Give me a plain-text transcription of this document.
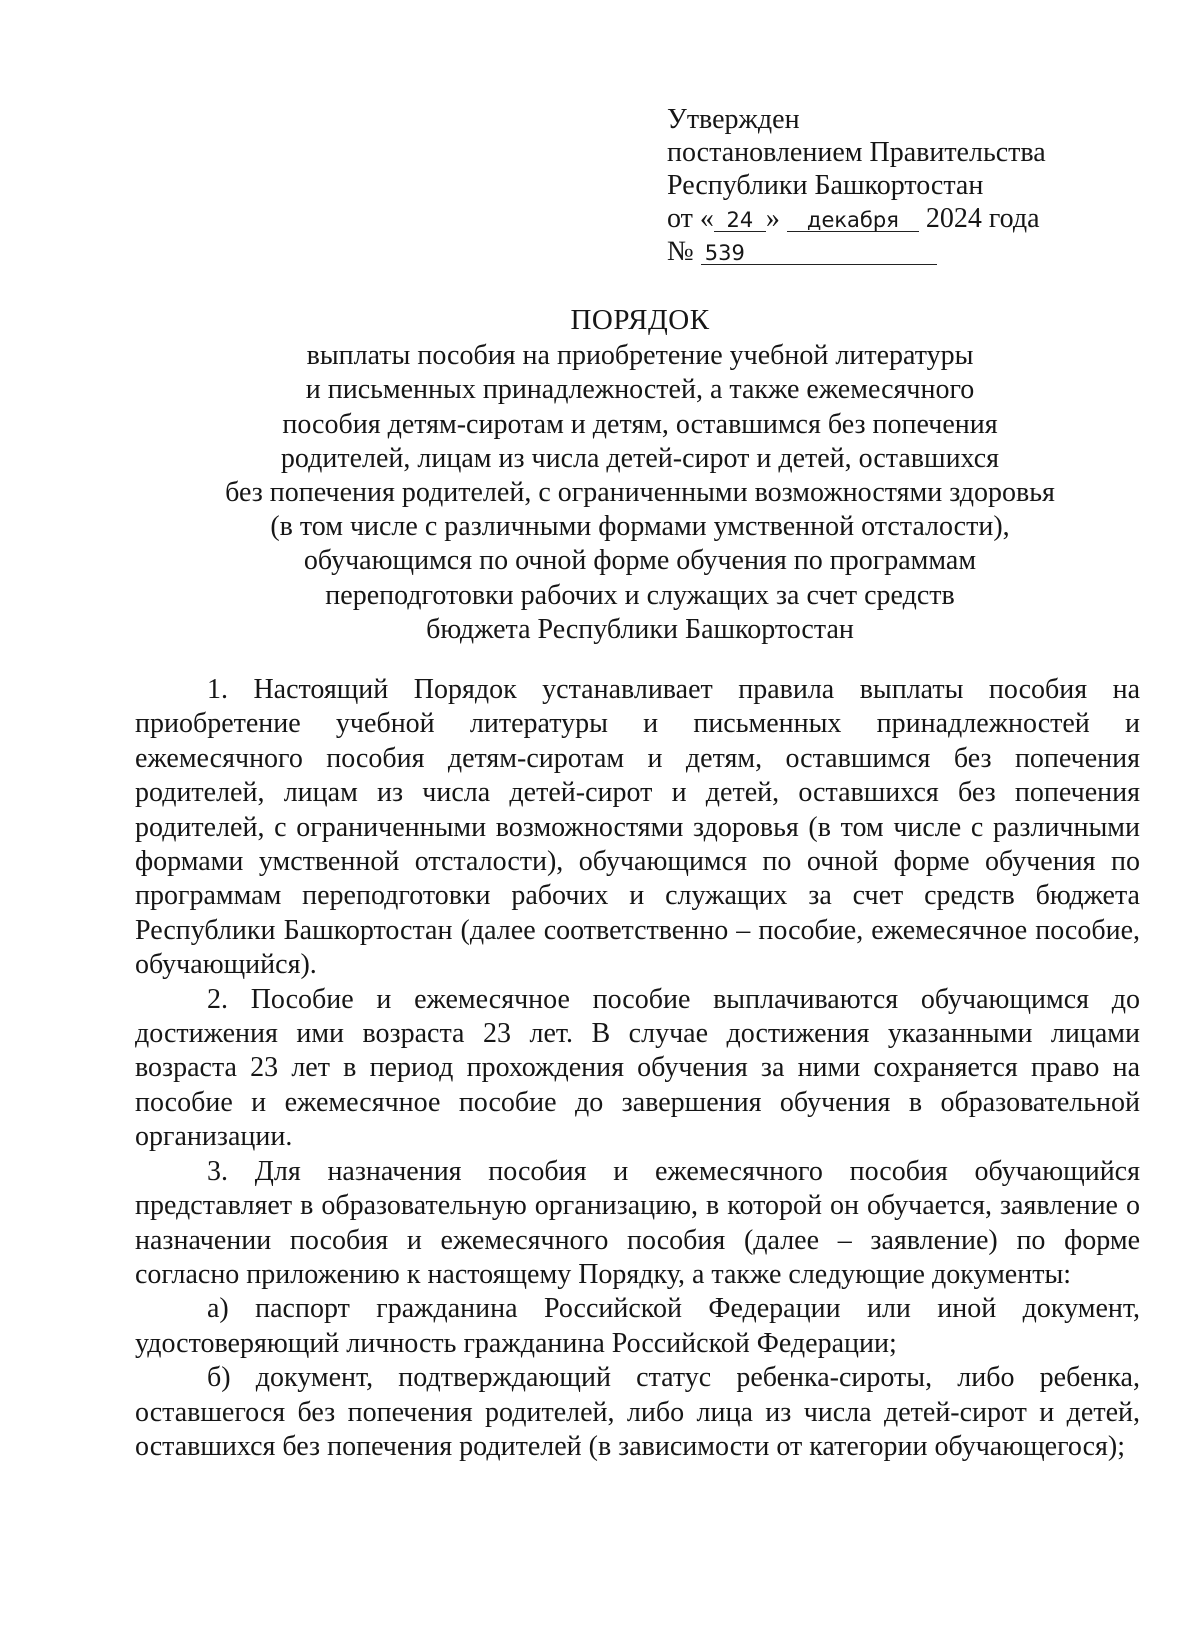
Утвержден
постановлением Правительства
Республики Башкортостан
от « 24 » декабря 2024 года
№ 539
ПОРЯДОК
выплаты пособия на приобретение учебной литературы
и письменных принадлежностей, а также ежемесячного
пособия детям-сиротам и детям, оставшимся без попечения
родителей, лицам из числа детей-сирот и детей, оставшихся
без попечения родителей, с ограниченными возможностями здоровья
(в том числе с различными формами умственной отсталости),
обучающимся по очной форме обучения по программам
переподготовки рабочих и служащих за счет средств
бюджета Республики Башкортостан

1. Настоящий Порядок устанавливает правила выплаты пособия на приобретение учебной литературы и письменных принадлежностей и ежемесячного пособия детям-сиротам и детям, оставшимся без попечения родителей, лицам из числа детей-сирот и детей, оставшихся без попечения родителей, с ограниченными возможностями здоровья (в том числе с различными формами умственной отсталости), обучающимся по очной форме обучения по программам переподготовки рабочих и служащих за счет средств бюджета Республики Башкортостан (далее соответственно – пособие, ежемесячное пособие, обучающийся).

2. Пособие и ежемесячное пособие выплачиваются обучающимся до достижения ими возраста 23 лет. В случае достижения указанными лицами возраста 23 лет в период прохождения обучения за ними сохраняется право на пособие и ежемесячное пособие до завершения обучения в образовательной организации.

3. Для назначения пособия и ежемесячного пособия обучающийся представляет в образовательную организацию, в которой он обучается, заявление о назначении пособия и ежемесячного пособия (далее – заявление) по форме согласно приложению к настоящему Порядку, а также следующие документы:

а) паспорт гражданина Российской Федерации или иной документ, удостоверяющий личность гражданина Российской Федерации;

б) документ, подтверждающий статус ребенка-сироты, либо ребенка, оставшегося без попечения родителей, либо лица из числа детей-сирот и детей, оставшихся без попечения родителей (в зависимости от категории обучающегося);
